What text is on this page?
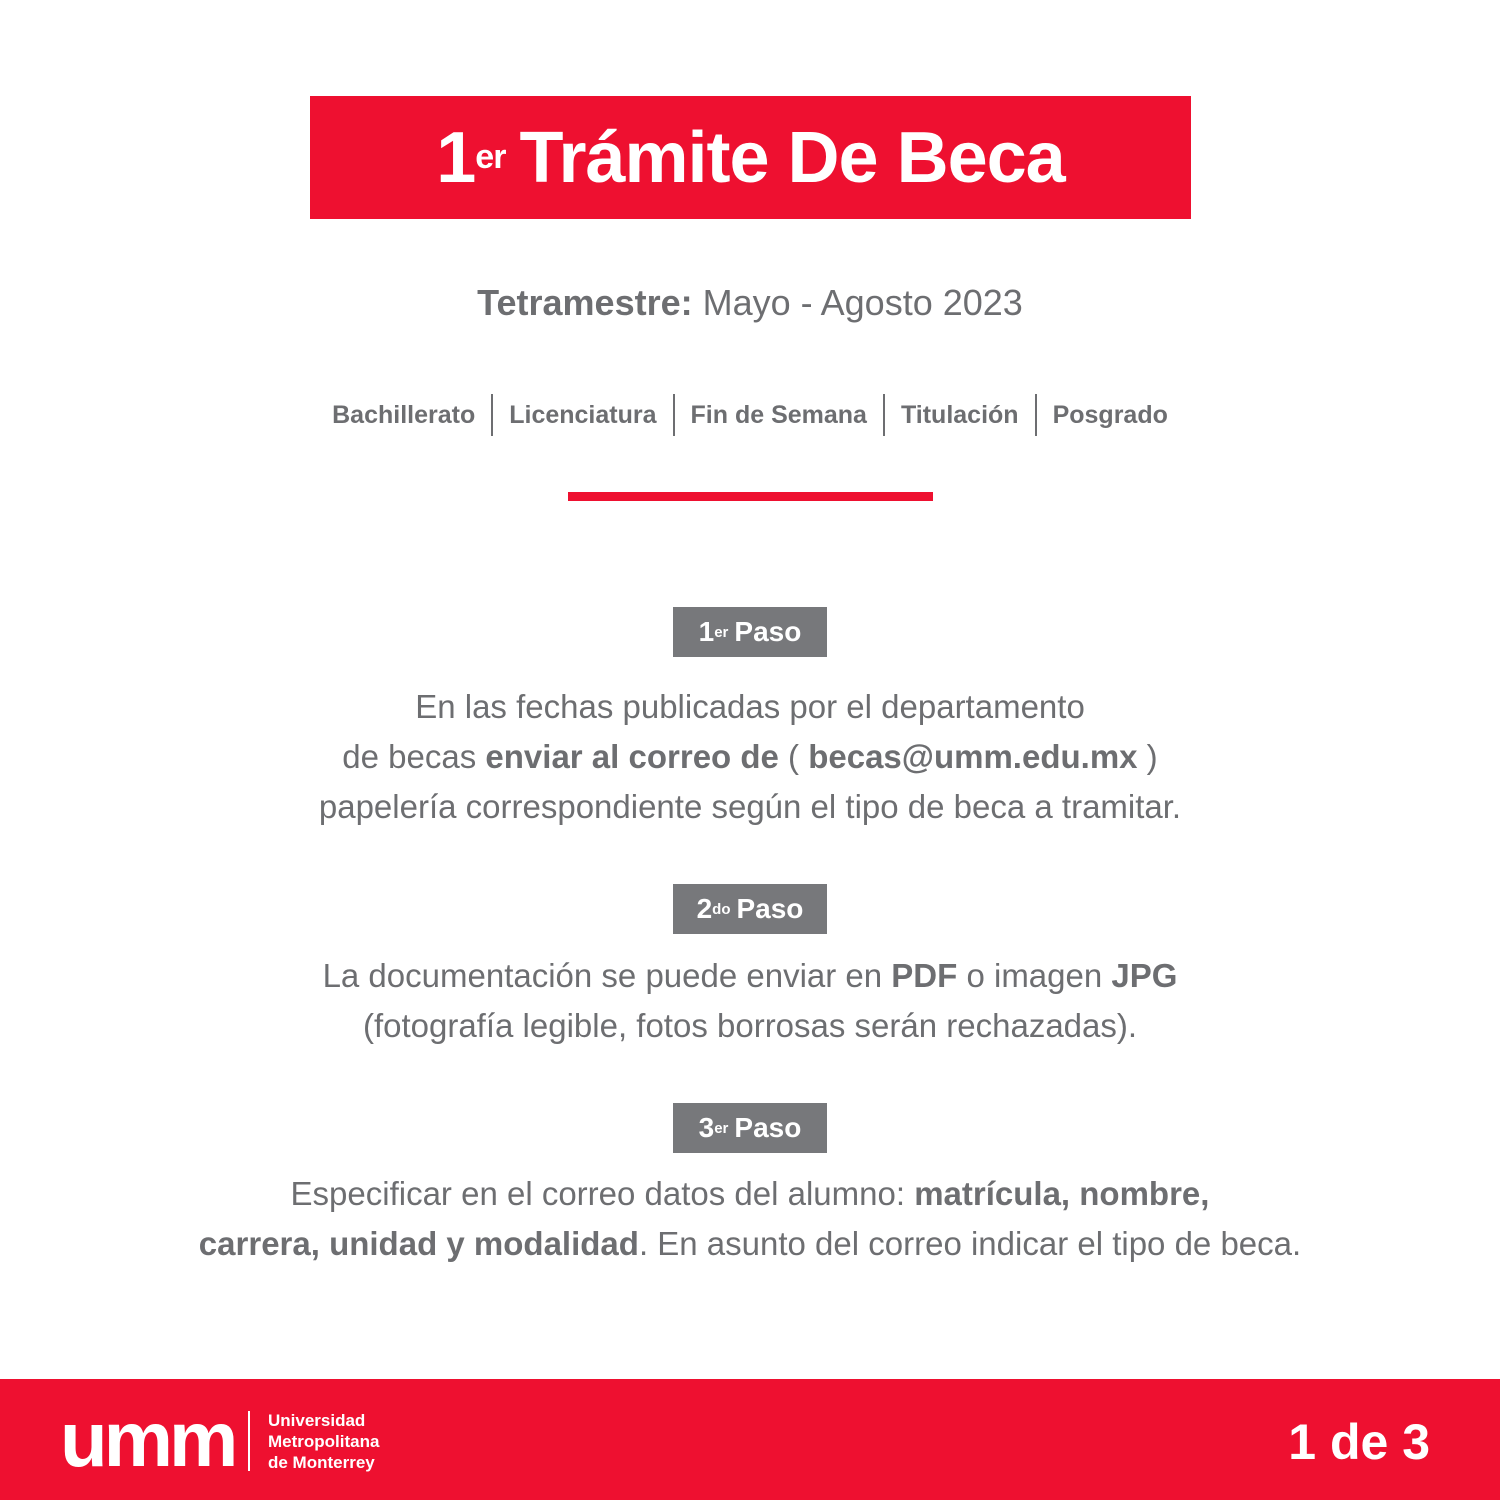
1 er Trámite De Beca
Tetramestre: Mayo - Agosto 2023
Bachillerato	Licenciatura	Fin de Semana	Titulación	Posgrado
1 er Paso
En las fechas publicadas por el departamento
de becas enviar al correo de ( becas@umm.edu.mx )
papelería correspondiente según el tipo de beca a tramitar.
2 do Paso
La documentación se puede enviar en PDF o imagen JPG
(fotografía legible, fotos borrosas serán rechazadas).
3 er Paso
Especificar en el correo datos del alumno: matrícula, nombre,
carrera, unidad y modalidad. En asunto del correo indicar el tipo de beca.
umm Universidad
Metropolitana
de Monterrey	1 de 3
